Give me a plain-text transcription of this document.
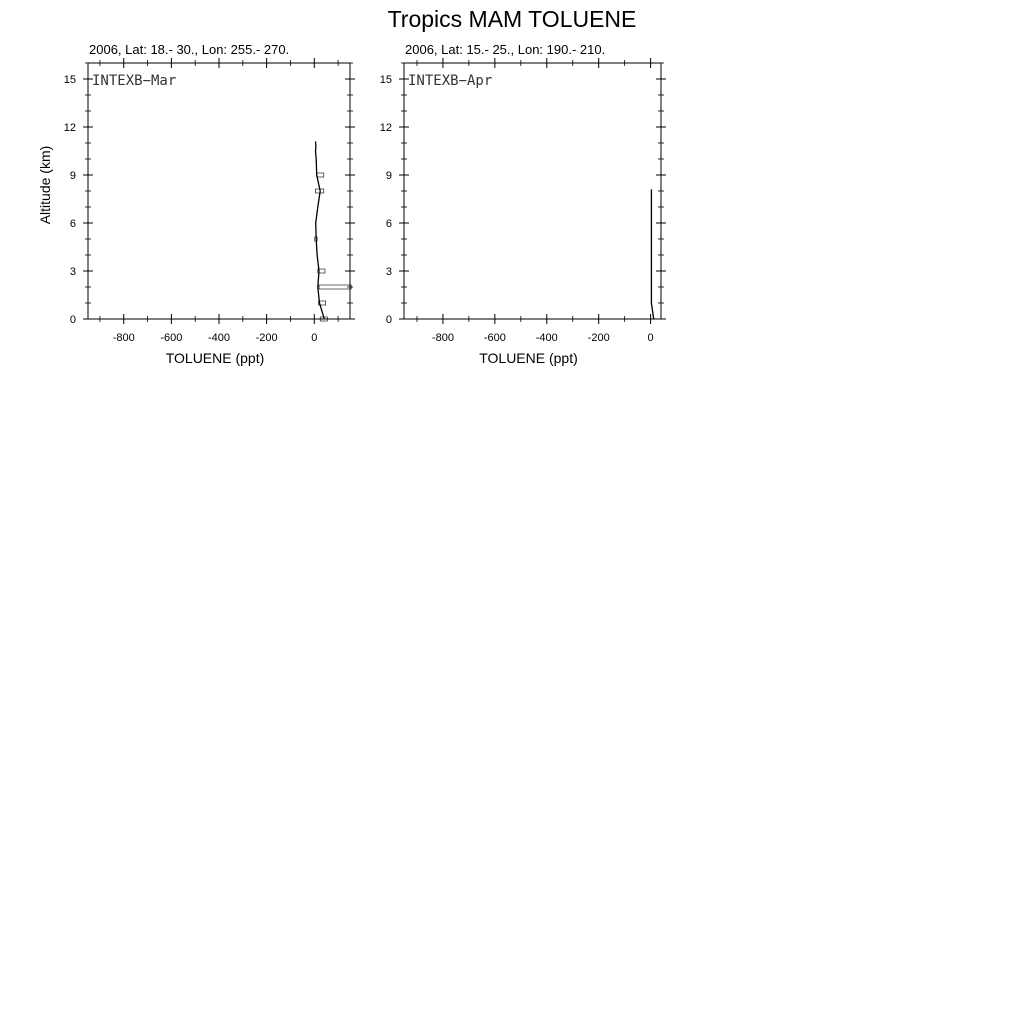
Tropics MAM TOLUENE
2006, Lat: 18.- 30., Lon: 255.- 270.
INTEXB−Mar
0
3
6
9
12
15
-800 -600 -400 -200	0
TOLUENE (ppt)
Altitude (km)
2006, Lat: 15.- 25., Lon: 190.- 210.
INTEXB−Apr
0
3
6
9
12
15
-800	-600	-400	-200	0
TOLUENE (ppt)
